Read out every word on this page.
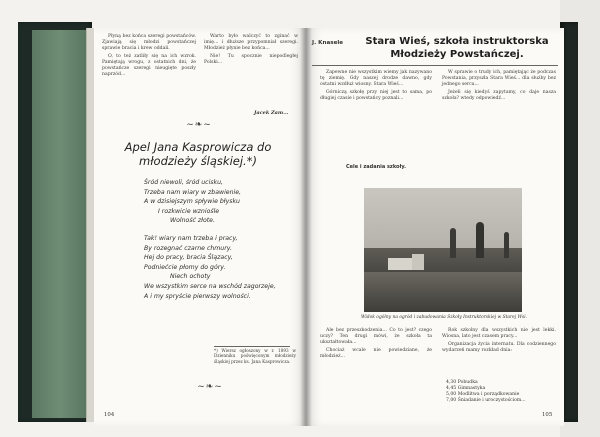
Płyną bez końca szeregi powstańców. Zjawiają się młodzi powstańczej sprawie bracia i krew oddali.

O, to też zatliły się na ich wzrok. Pamiętają wrogu, z ostatnich dni, że powstańcze szeregi nieugięte poszły naprzód...

Warto było walczyć to zginać w imię... i dłuższe przypomniał szeregi. Młodzież płynie bez końca...

Nie! Tu spocznie niepodległej Polski...

Jacek Zam...
~❧~
Apel Jana Kasprowicza do
młodzieży śląskiej.*)
Śród niewoli, śród ucisku,
Trzeba nam wiary w zbawienie,
A w dzisiejszym spływie błysku
I rozkwicie wzniośle
Wolność złote.
Tak! wiary nam trzeba i pracy,
By rozegnać czarne chmury.
Hej do pracy, bracia Ślązacy,
Podniećcie płomy do góry.
Niech ochoty
We wszystkim serce na wschód zagorzeje,
A i my spryście pierwszy wolności.
*) Wiersz ogłoszony w r. 1893 w Dzienniku poświęconym młodzieży śląskiej przez ks. Jana Kasprowicza.
~❧~
104
J. Knasele	Stara Wieś, szkoła instruktorska
Młodzieży Powstańczej.

Zapewne nie wszystkim wiemy jak nazywano tę ziemię. Gdy naszej drodze dawno, gdy ostatni wzdłuż wiosny. Stara Wieś...

Górniczą szkołę przy niej jest to sama, po długiej czasie i powstańcy poznali...

Cele i zadania szkoły.

W sprawie o trudy ich, pamiętając że podczas Powstania, przyszła Stara Wieś... dla służby bez jednego serca...

Jeżeli się kiedyś zapytamy, co daje nasza szkoła? wtedy odpowiedź...

Widok ogólny na ogród i zabudowania Szkoły Instruktorskiej w Starej Wsi.

Ale bez przeszkodzenia... Co to jest? czego uczy? Ten drugi mówi, że szkoła ta ukształtowała...

Chociaż wcale nie powiedziane, że młodzież...

Rok szkolny dla wszystkich nie jest lekki. Wiosna, lato jest czasem pracy...

Organizacja życia internatu. Dla codziennego wydarzeń mamy rozkład dnia:

4,30 Pobudka
4,45 Gimnastyka
5,00 Modlitwa i porządkowanie
7,00 Śniadanie i uroczystościom...
105
